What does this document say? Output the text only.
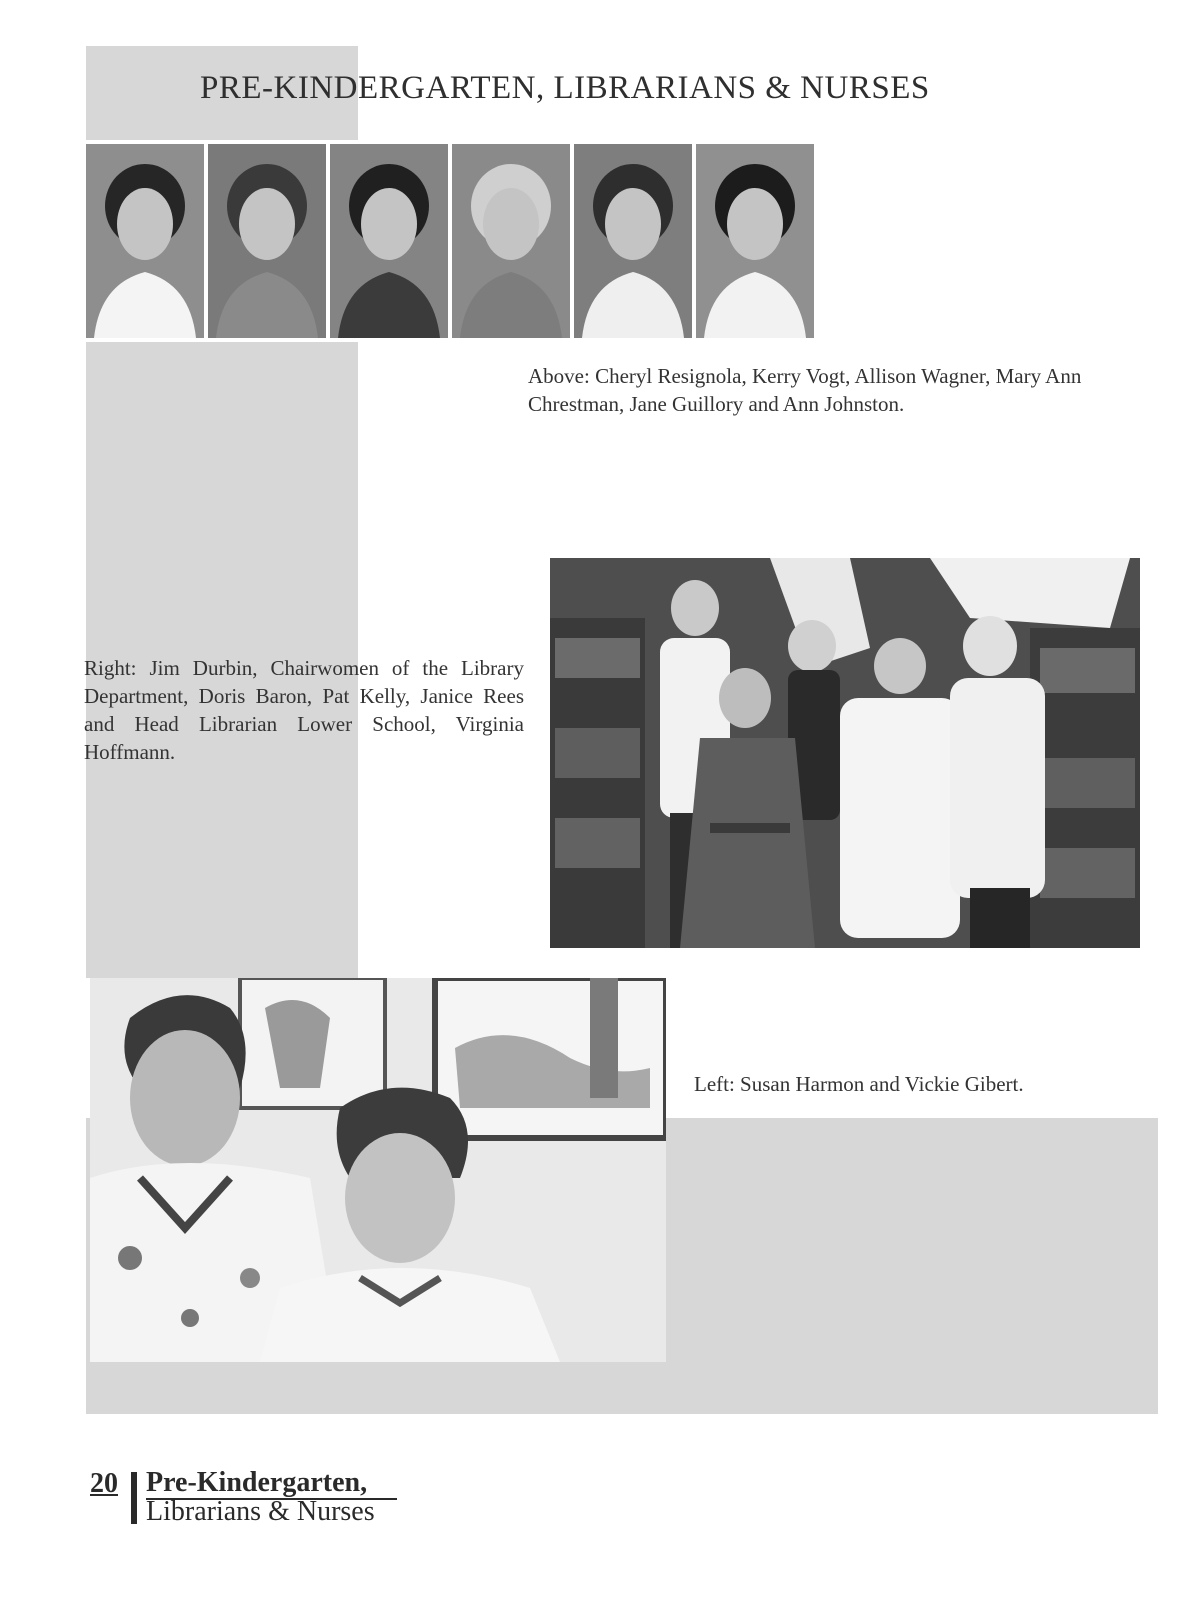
PRE-KINDERGARTEN, LIBRARIANS & NURSES
Above: Cheryl Resignola, Kerry Vogt, Allison Wagner, Mary Ann Chrestman, Jane Guillory and Ann Johnston.
Right: Jim Durbin, Chairwomen of the Library Department, Doris Baron, Pat Kelly, Janice Rees and Head Librarian Lower School, Virginia Hoffmann.
Left: Susan Harmon and Vickie Gibert.
20 Pre-Kindergarten,
Librarians & Nurses
